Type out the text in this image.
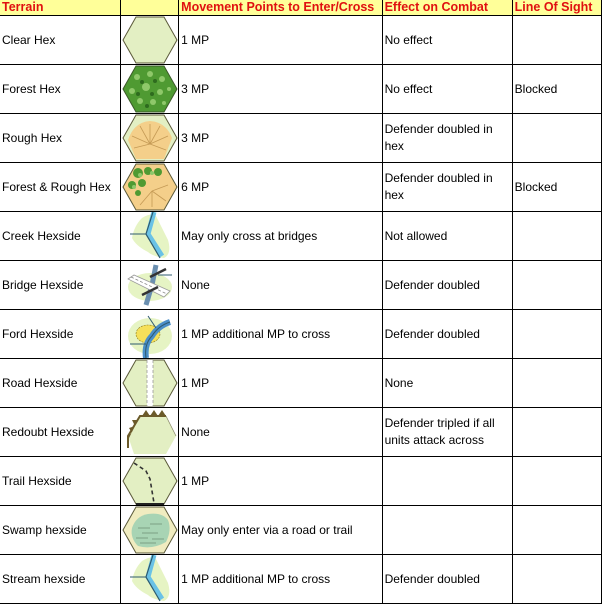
Terrain		Movement Points to Enter/Cross	Effect on Combat	Line Of Sight
Clear Hex		1 MP	No effect	
Forest Hex		3 MP	No effect	Blocked
Rough Hex		3 MP	Defender doubled in hex	
Forest & Rough Hex		6 MP	Defender doubled in hex	Blocked
Creek Hexside		May only cross at bridges	Not allowed	
Bridge Hexside		None	Defender doubled	
Ford Hexside		1 MP additional MP to cross	Defender doubled	
Road Hexside		1 MP	None	
Redoubt Hexside		None	Defender tripled if all units attack across	
Trail Hexside		1 MP		
Swamp hexside		May only enter via a road or trail		
Stream hexside		1 MP additional MP to cross	Defender doubled	
